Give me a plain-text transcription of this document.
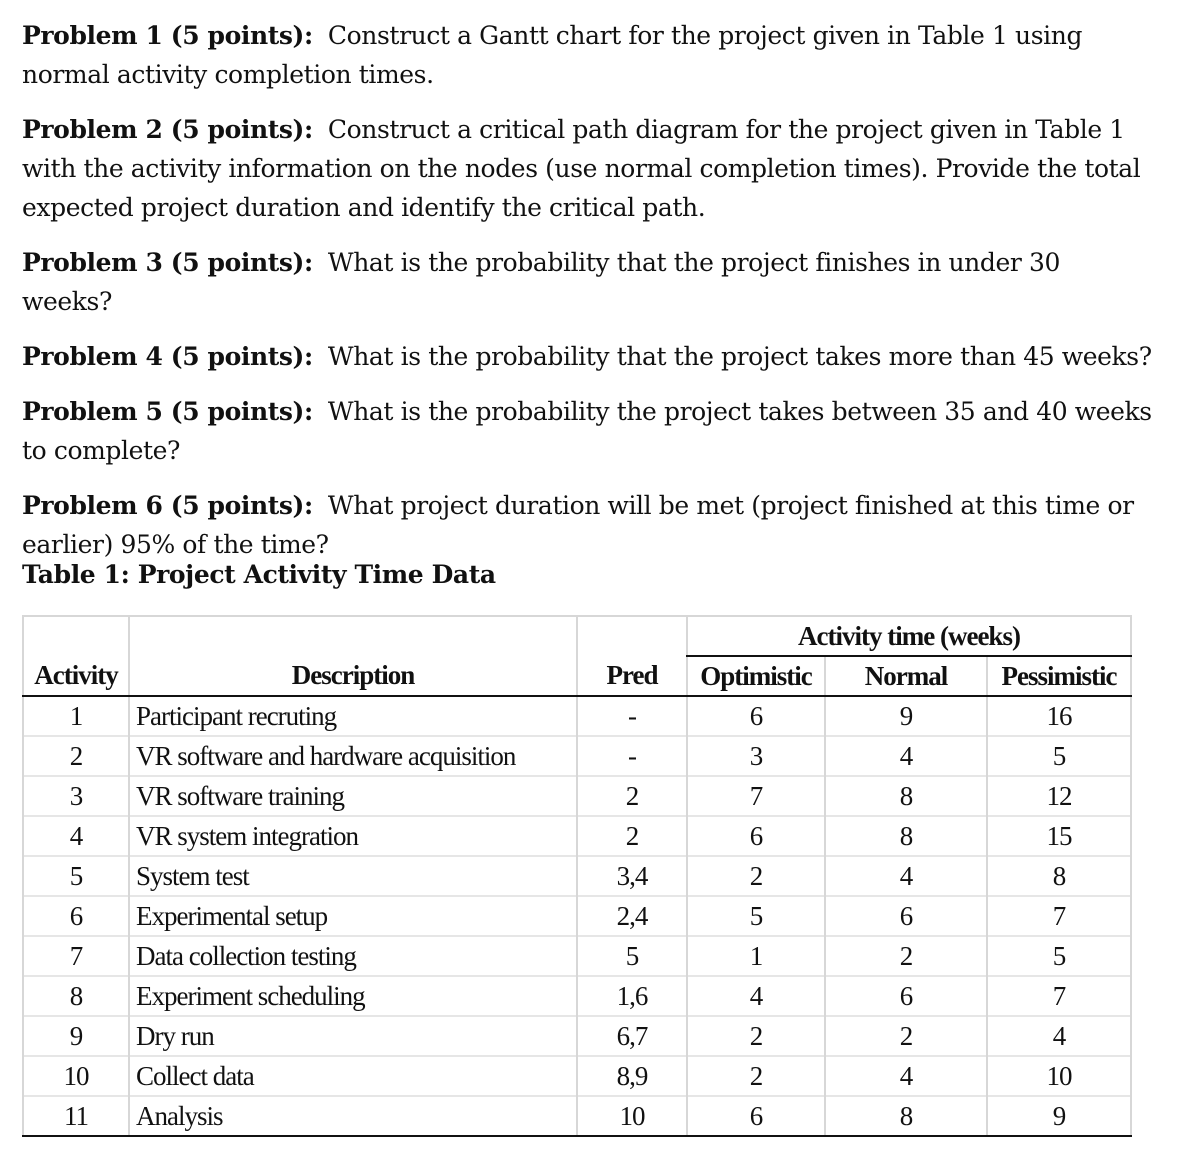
Problem 1 (5 points): Construct a Gantt chart for the project given in Table 1 using normal activity completion times.

Problem 2 (5 points): Construct a critical path diagram for the project given in Table 1 with the activity information on the nodes (use normal completion times). Provide the total expected project duration and identify the critical path.

Problem 3 (5 points): What is the probability that the project finishes in under 30 weeks?

Problem 4 (5 points): What is the probability that the project takes more than 45 weeks?

Problem 5 (5 points): What is the probability the project takes between 35 and 40 weeks to complete?

Problem 6 (5 points): What project duration will be met (project finished at this time or earlier) 95% of the time?

Table 1: Project Activity Time Data
			Activity time (weeks)		
Activity	Description	Pred	Optimistic	Normal	Pessimistic
1	Participant recruting	-	6	9	16
2	VR software and hardware acquisition	-	3	4	5
3	VR software training	2	7	8	12
4	VR system integration	2	6	8	15
5	System test	3,4	2	4	8
6	Experimental setup	2,4	5	6	7
7	Data collection testing	5	1	2	5
8	Experiment scheduling	1,6	4	6	7
9	Dry run	6,7	2	2	4
10	Collect data	8,9	2	4	10
11	Analysis	10	6	8	9
